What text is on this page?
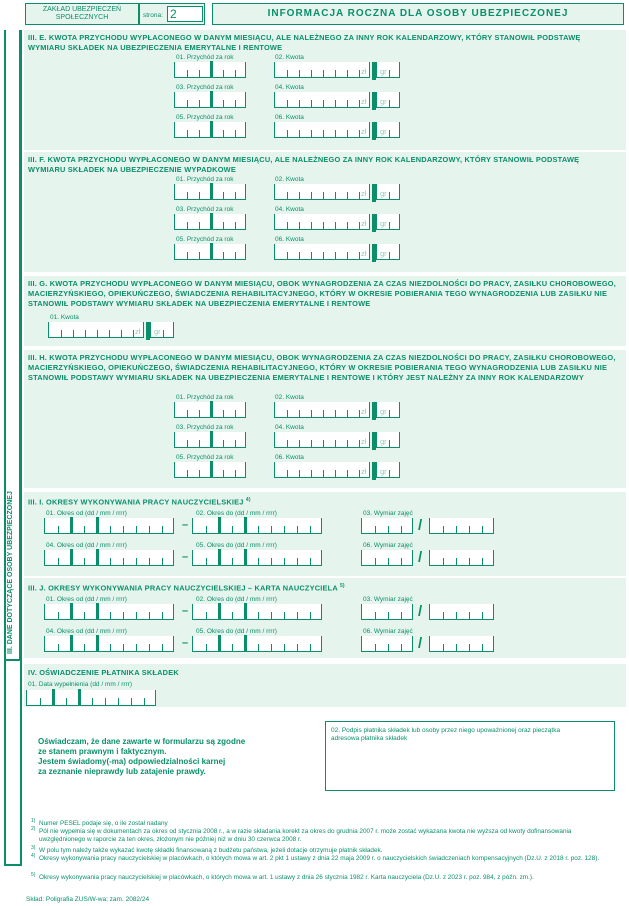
ZAKŁAD UBEZPIECZEŃ SPOŁECZNYCH	strona: 2	INFORMACJA ROCZNA DLA OSOBY UBEZPIECZONEJ
III. DANE DOTYCZĄCE OSOBY UBEZPIECZONEJ
III. E. KWOTA PRZYCHODU WYPŁACONEGO W DANYM MIESIĄCU, ALE NALEŻNEGO ZA INNY ROK KALENDARZOWY, KTÓRY STANOWIŁ PODSTAWĘ WYMIARU SKŁADEK NA UBEZPIECZENIA EMERYTALNE I RENTOWE
01. Przychód za rok	02. Kwota
zł gr
03. Przychód za rok	04. Kwota
zł gr
05. Przychód za rok	06. Kwota
zł gr
III. F. KWOTA PRZYCHODU WYPŁACONEGO W DANYM MIESIĄCU, ALE NALEŻNEGO ZA INNY ROK KALENDARZOWY, KTÓRY STANOWIŁ PODSTAWĘ WYMIARU SKŁADEK NA UBEZPIECZENIE WYPADKOWE
01. Przychód za rok	02. Kwota
zł gr
03. Przychód za rok	04. Kwota
zł gr
05. Przychód za rok	06. Kwota
zł gr
III. G. KWOTA PRZYCHODU WYPŁACONEGO W DANYM MIESIĄCU, OBOK WYNAGRODZENIA ZA CZAS NIEZDOLNOŚCI DO PRACY, ZASIŁKU CHOROBOWEGO, MACIERZYŃSKIEGO, OPIEKUŃCZEGO, ŚWIADCZENIA REHABILITACYJNEGO, KTÓRY W OKRESIE POBIERANIA TEGO WYNAGRODZENIA LUB ZASIŁKU NIE STANOWIŁ PODSTAWY WYMIARU SKŁADEK NA UBEZPIECZENIA EMERYTALNE I RENTOWE
01. Kwota
zł gr
III. H. KWOTA PRZYCHODU WYPŁACONEGO W DANYM MIESIĄCU, OBOK WYNAGRODZENIA ZA CZAS NIEZDOLNOŚCI DO PRACY, ZASIŁKU CHOROBOWEGO, MACIERZYŃSKIEGO, OPIEKUŃCZEGO, ŚWIADCZENIA REHABILITACYJNEGO, KTÓRY W OKRESIE POBIERANIA TEGO WYNAGRODZENIA LUB ZASIŁKU NIE STANOWIŁ PODSTAWY WYMIARU SKŁADEK NA UBEZPIECZENIA EMERYTALNE I RENTOWE I KTÓRY JEST NALEŻNY ZA INNY ROK KALENDARZOWY
01. Przychód za rok	02. Kwota
zł gr
03. Przychód za rok	04. Kwota
zł gr
05. Przychód za rok	06. Kwota
zł gr
III. I. OKRESY WYKONYWANIA PRACY NAUCZYCIELSKIEJ $^{4)}$
01. Okres od (dd / mm / rrrr)
–
02. Okres do (dd / mm / rrrr)	03. Wymiar zajęć
/
04. Okres od (dd / mm / rrrr)
–
05. Okres do (dd / mm / rrrr)	06. Wymiar zajęć
/
III. J. OKRESY WYKONYWANIA PRACY NAUCZYCIELSKIEJ – KARTA NAUCZYCIELA $^{5)}$
01. Okres od (dd / mm / rrrr)
–
02. Okres do (dd / mm / rrrr)	03. Wymiar zajęć
/
04. Okres od (dd / mm / rrrr)
–
05. Okres do (dd / mm / rrrr)	06. Wymiar zajęć
/
IV. OŚWIADCZENIE PŁATNIKA SKŁADEK
01. Data wypełnienia (dd / mm / rrrr)
Oświadczam, że dane zawarte w formularzu są zgodne
ze stanem prawnym i faktycznym.
Jestem świadomy(-ma) odpowiedzialności karnej
za zeznanie nieprawdy lub zatajenie prawdy.
02. Podpis płatnika składek lub osoby przez niego upoważnionej oraz pieczątka adresowa płatnika składek
1) Numer PESEL podaje się, o ile został nadany
2) Pól nie wypełnia się w dokumentach za okres od stycznia 2008 r., a w razie składania korekt za okres do grudnia 2007 r. może zostać wykazana kwota nie wyższa od kwoty dofinansowania uwzględnionego w raporcie za ten okres, złożonym nie później niż w dniu 30 czerwca 2008 r.
3) W polu tym należy także wykazać kwotę składki finansowaną z budżetu państwa, jeżeli dotacje otrzymuje płatnik składek.
4) Okresy wykonywania pracy nauczycielskiej w placówkach, o których mowa w art. 2 pkt 1 ustawy z dnia 22 maja 2009 r. o nauczycielskich świadczeniach kompensacyjnych (Dz.U. z 2018 r. poz. 128).
5) Okresy wykonywania pracy nauczycielskiej w placówkach, o których mowa w art. 1 ustawy z dnia 26 stycznia 1982 r. Karta nauczyciela (Dz.U. z 2023 r. poz. 984, z późn. zm.).
Skład: Poligrafia ZUS/W-wa; zam. 2082/24
